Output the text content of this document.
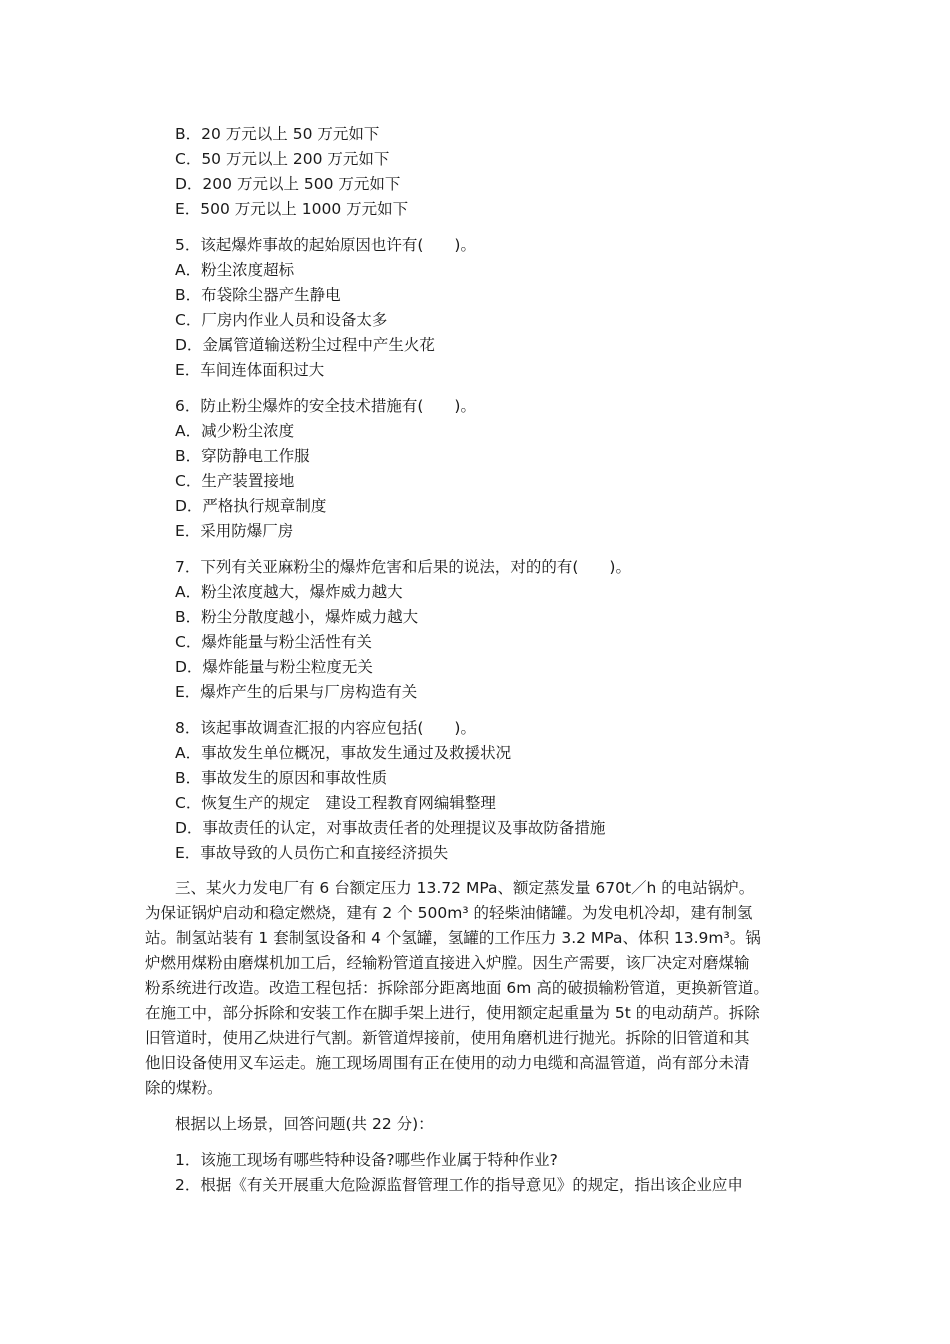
B．20 万元以上 50 万元如下
C．50 万元以上 200 万元如下
D．200 万元以上 500 万元如下
E．500 万元以上 1000 万元如下
5．该起爆炸事故的起始原因也许有(　　)。
A．粉尘浓度超标
B．布袋除尘器产生静电
C．厂房内作业人员和设备太多
D．金属管道输送粉尘过程中产生火花
E．车间连体面积过大
6．防止粉尘爆炸的安全技术措施有(　　)。
A．减少粉尘浓度
B．穿防静电工作服
C．生产装置接地
D．严格执行规章制度
E．采用防爆厂房
7．下列有关亚麻粉尘的爆炸危害和后果的说法，对的的有(　　)。
A．粉尘浓度越大，爆炸威力越大
B．粉尘分散度越小，爆炸威力越大
C．爆炸能量与粉尘活性有关
D．爆炸能量与粉尘粒度无关
E．爆炸产生的后果与厂房构造有关
8．该起事故调查汇报的内容应包括(　　)。
A．事故发生单位概况，事故发生通过及救援状况
B．事故发生的原因和事故性质
C．恢复生产的规定　建设工程教育网编辑整理
D．事故责任的认定，对事故责任者的处理提议及事故防备措施
E．事故导致的人员伤亡和直接经济损失
三、某火力发电厂有 6 台额定压力 13.72 MPa、额定蒸发量 670t／h 的电站锅炉。
为保证锅炉启动和稳定燃烧，建有 2 个 500m³ 的轻柴油储罐。为发电机冷却，建有制氢
站。制氢站装有 1 套制氢设备和 4 个氢罐，氢罐的工作压力 3.2 MPa、体积 13.9m³。锅
炉燃用煤粉由磨煤机加工后，经输粉管道直接进入炉膛。因生产需要，该厂决定对磨煤输
粉系统进行改造。改造工程包括：拆除部分距离地面 6m 高的破损输粉管道，更换新管道。
在施工中，部分拆除和安装工作在脚手架上进行，使用额定起重量为 5t 的电动葫芦。拆除
旧管道时，使用乙炔进行气割。新管道焊接前，使用角磨机进行抛光。拆除的旧管道和其
他旧设备使用叉车运走。施工现场周围有正在使用的动力电缆和高温管道，尚有部分未清
除的煤粉。
根据以上场景，回答问题(共 22 分)：
1．该施工现场有哪些特种设备?哪些作业属于特种作业?
2．根据《有关开展重大危险源监督管理工作的指导意见》的规定，指出该企业应申
